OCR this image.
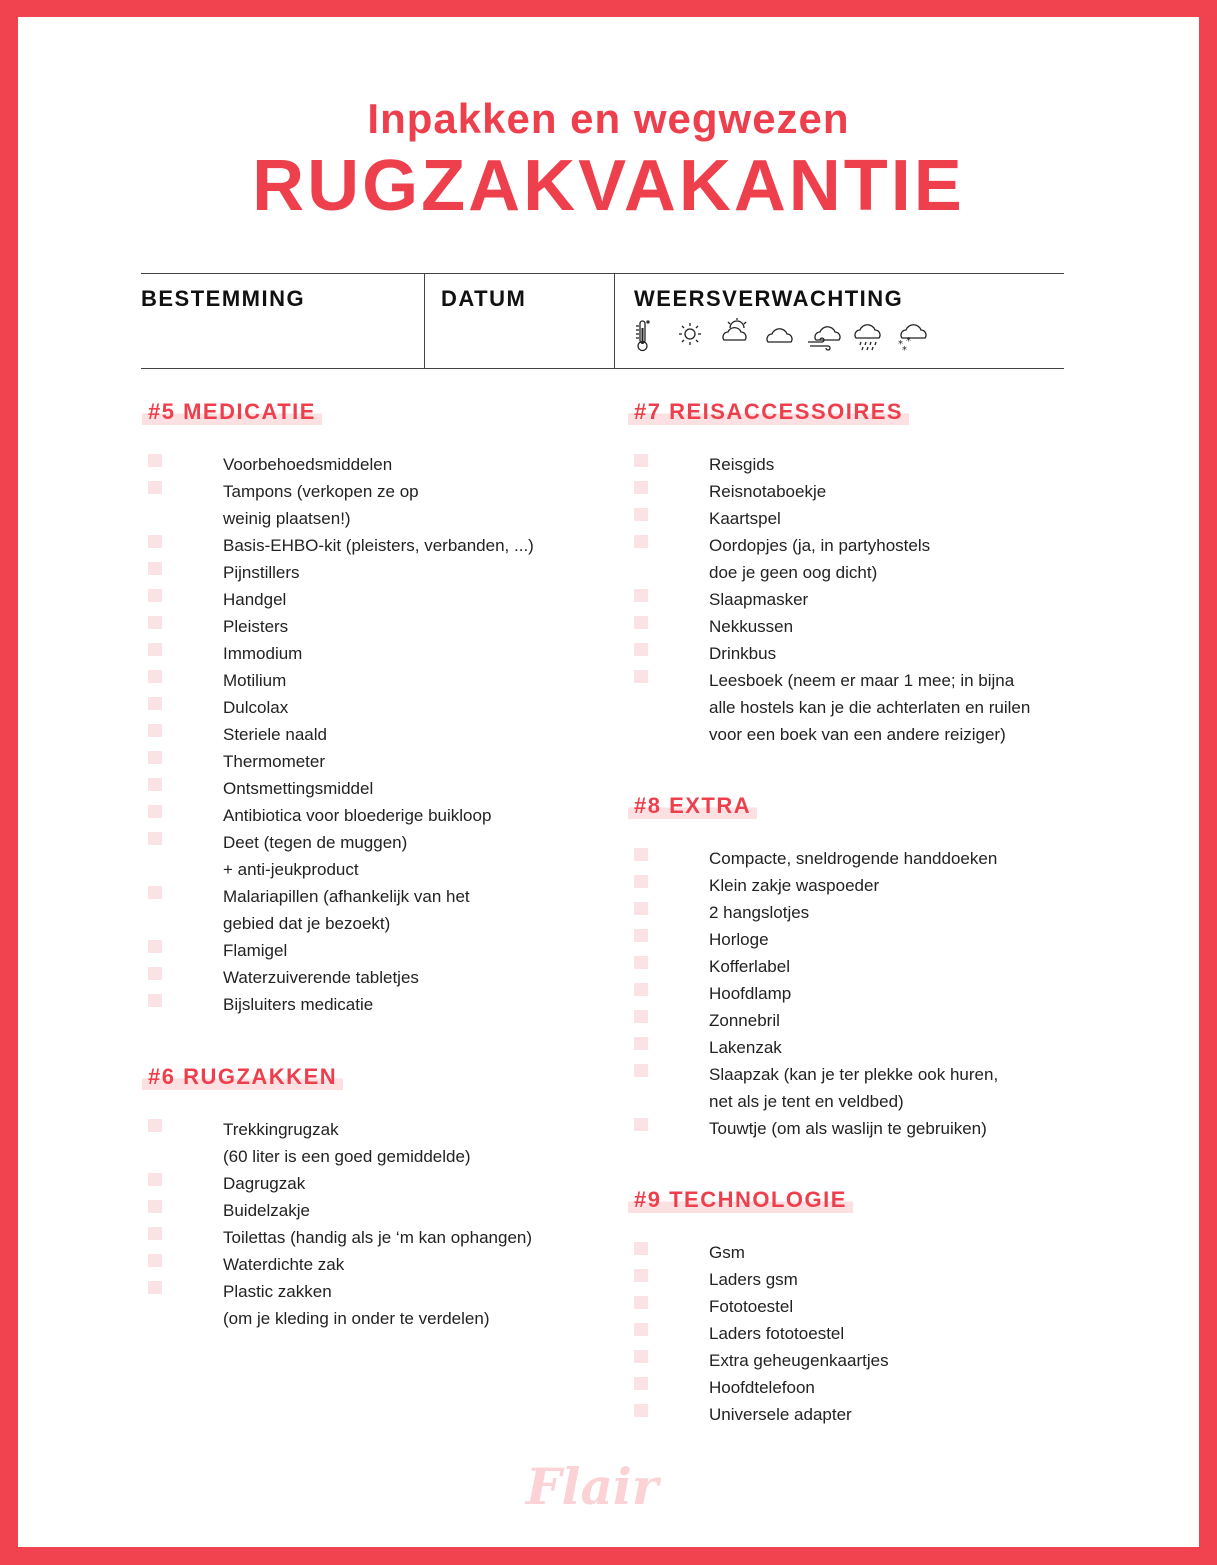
Inpakken en wegwezen
RUGZAKVAKANTIE
BESTEMMING	DATUM	WEERSVERWACHTING
* *
*
#5 MEDICATIE
Voorbehoedsmiddelen
Tampons (verkopen ze op
weinig plaatsen!)
Basis-EHBO-kit (pleisters, verbanden, ...)
Pijnstillers
Handgel
Pleisters
Immodium
Motilium
Dulcolax
Steriele naald
Thermometer
Ontsmettingsmiddel
Antibiotica voor bloederige buikloop
Deet (tegen de muggen)
+ anti-jeukproduct
Malariapillen (afhankelijk van het
gebied dat je bezoekt)
Flamigel
Waterzuiverende tabletjes
Bijsluiters medicatie
#6 RUGZAKKEN
Trekkingrugzak
(60 liter is een goed gemiddelde)
Dagrugzak
Buidelzakje
Toilettas (handig als je ‘m kan ophangen)
Waterdichte zak
Plastic zakken
(om je kleding in onder te verdelen)
#7 REISACCESSOIRES
Reisgids
Reisnotaboekje
Kaartspel
Oordopjes (ja, in partyhostels
doe je geen oog dicht)
Slaapmasker
Nekkussen
Drinkbus
Leesboek (neem er maar 1 mee; in bijna
alle hostels kan je die achterlaten en ruilen
voor een boek van een andere reiziger)
#8 EXTRA
Compacte, sneldrogende handdoeken
Klein zakje waspoeder
2 hangslotjes
Horloge
Kofferlabel
Hoofdlamp
Zonnebril
Lakenzak
Slaapzak (kan je ter plekke ook huren,
net als je tent en veldbed)
Touwtje (om als waslijn te gebruiken)
#9 TECHNOLOGIE
Gsm
Laders gsm
Fototoestel
Laders fototoestel
Extra geheugenkaartjes
Hoofdtelefoon
Universele adapter
Flair
